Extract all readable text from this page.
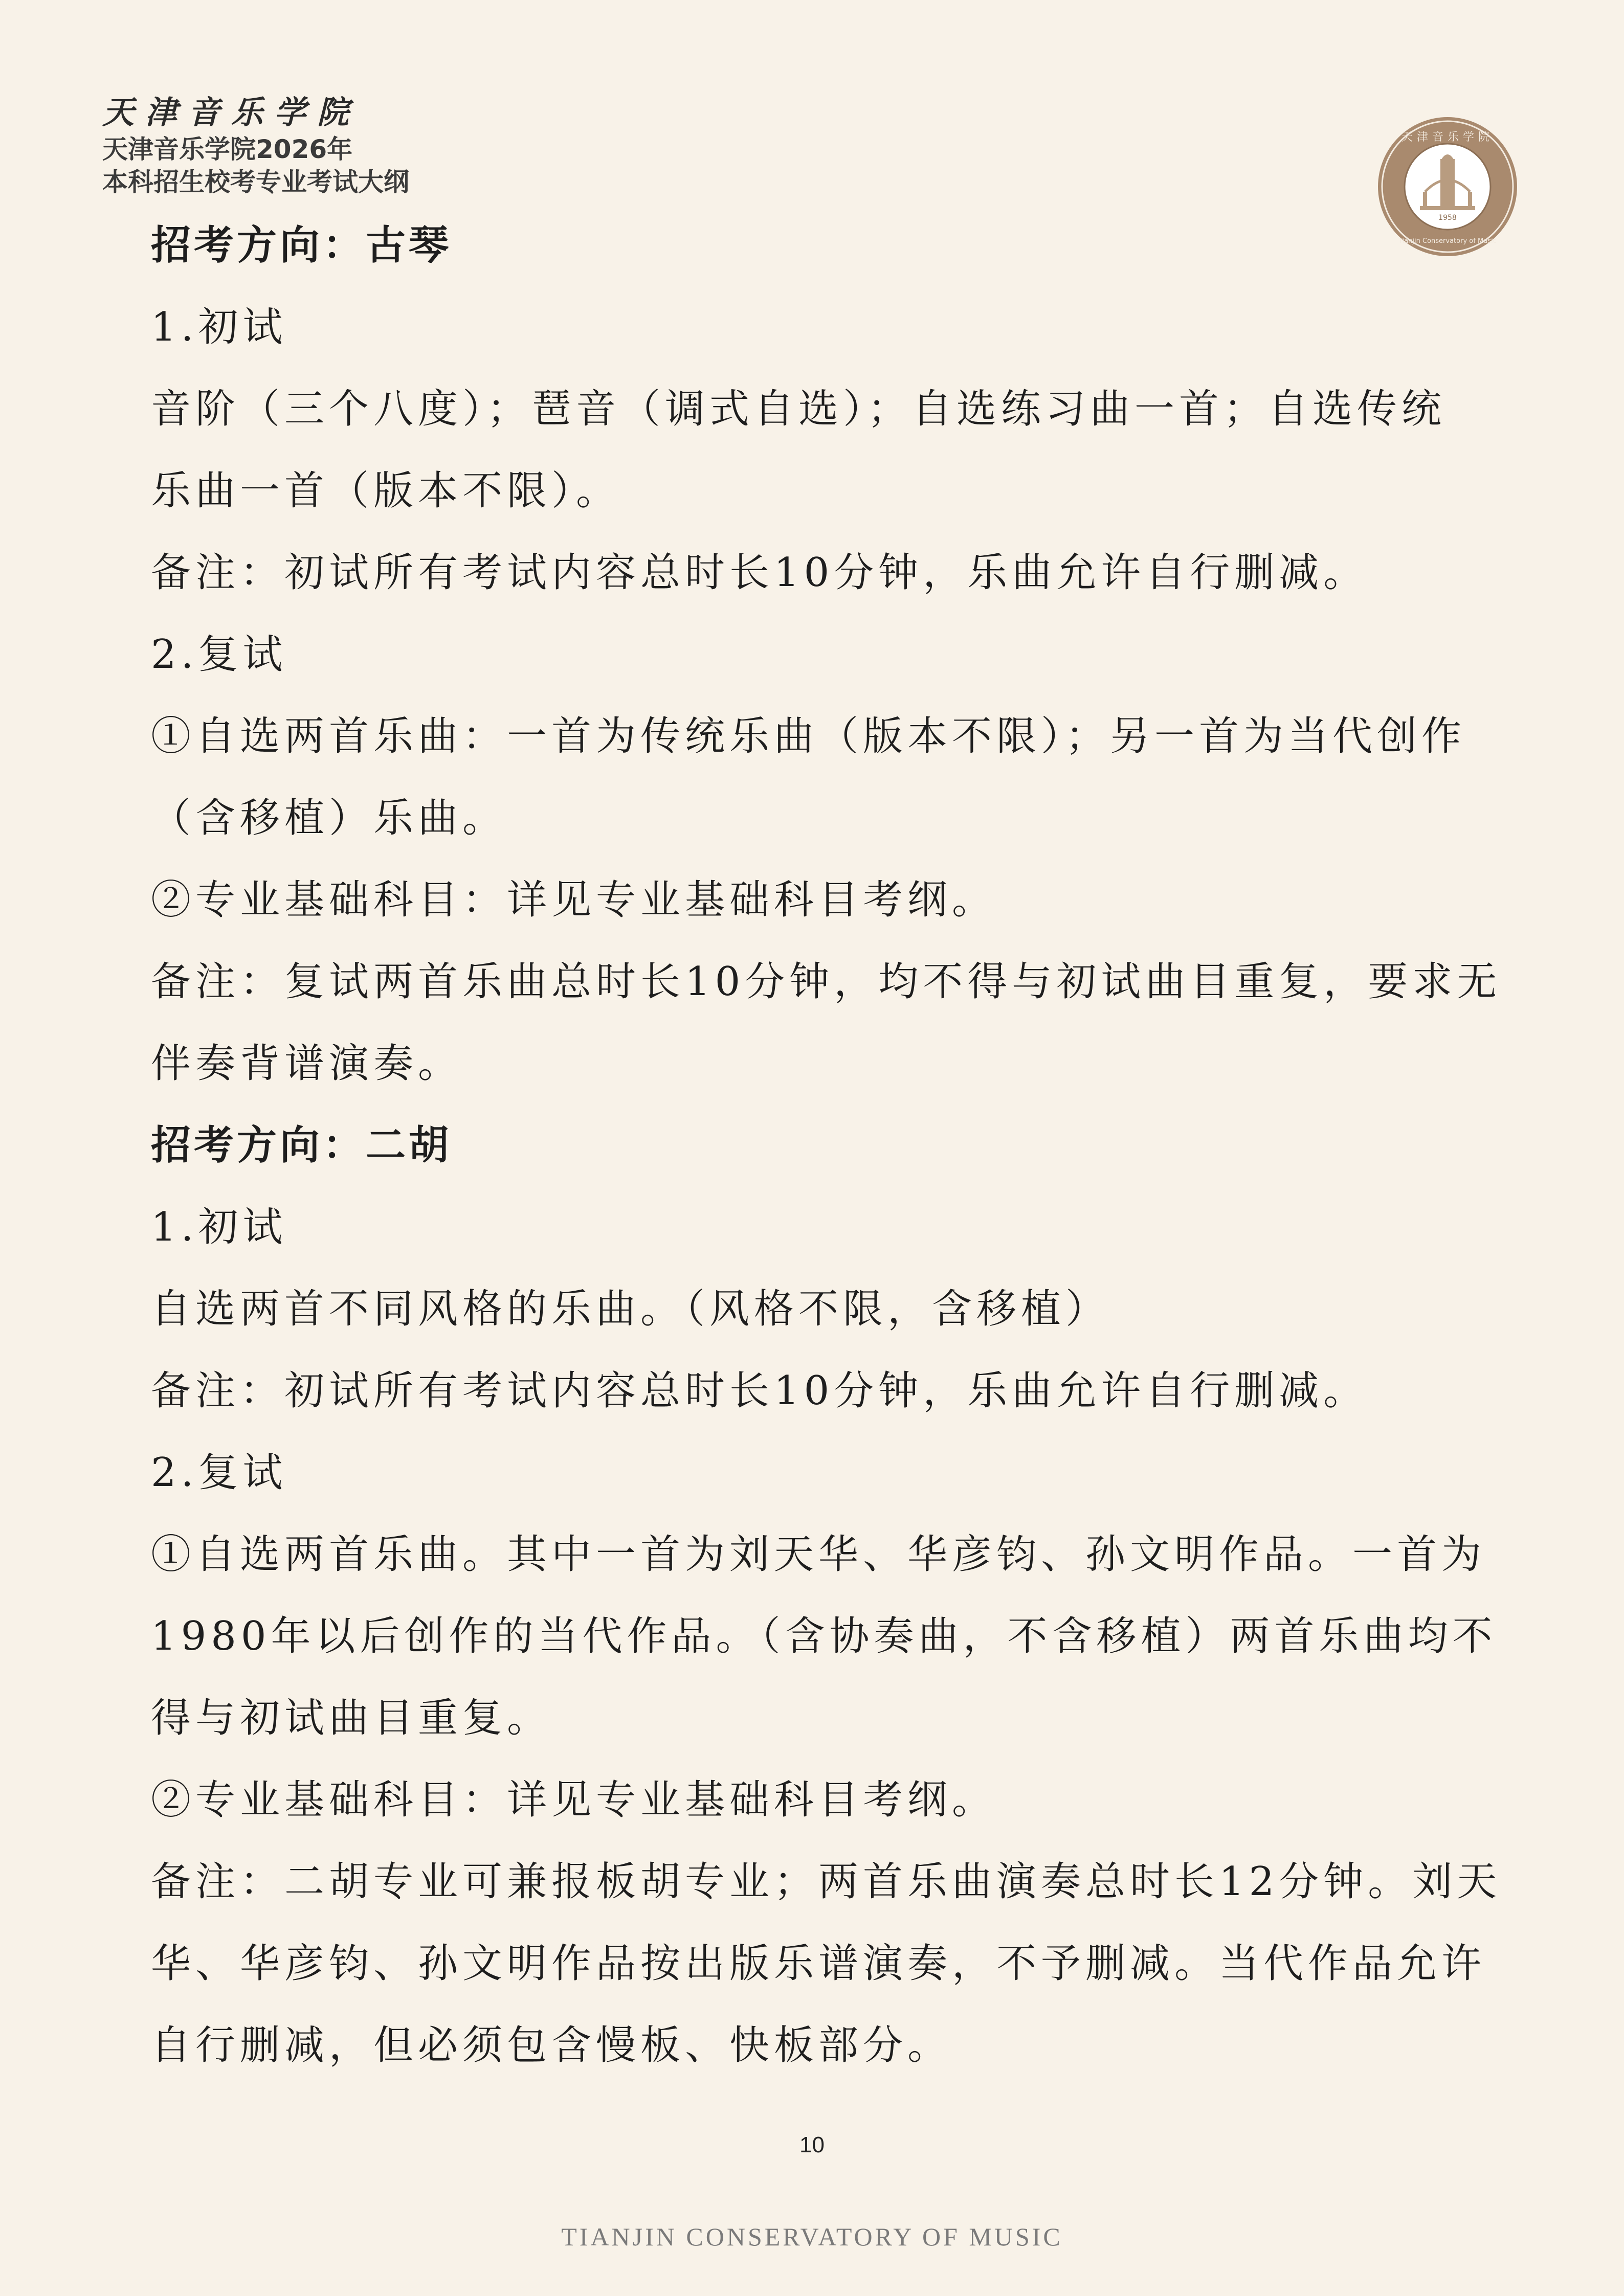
天津音乐学院
天津音乐学院2026年
本科招生校考专业考试大纲
1958
天津音乐学院
Tianjin Conservatory of Music
招考方向：古琴
1.初试
音阶（三个八度）；琶音（调式自选）；自选练习曲一首；自选传统
乐曲一首（版本不限）。
备注：初试所有考试内容总时长10分钟，乐曲允许自行删减。
2.复试
①自选两首乐曲：一首为传统乐曲（版本不限）；另一首为当代创作
（含移植）乐曲。
②专业基础科目：详见专业基础科目考纲。
备注：复试两首乐曲总时长10分钟，均不得与初试曲目重复，要求无
伴奏背谱演奏。
招考方向：二胡
1.初试
自选两首不同风格的乐曲。（风格不限，含移植）
备注：初试所有考试内容总时长10分钟，乐曲允许自行删减。
2.复试
①自选两首乐曲。其中一首为刘天华、华彦钧、孙文明作品。一首为
1980年以后创作的当代作品。（含协奏曲，不含移植）两首乐曲均不
得与初试曲目重复。
②专业基础科目：详见专业基础科目考纲。
备注：二胡专业可兼报板胡专业；两首乐曲演奏总时长12分钟。刘天
华、华彦钧、孙文明作品按出版乐谱演奏，不予删减。当代作品允许
自行删减，但必须包含慢板、快板部分。
10
TIANJIN CONSERVATORY OF MUSIC
